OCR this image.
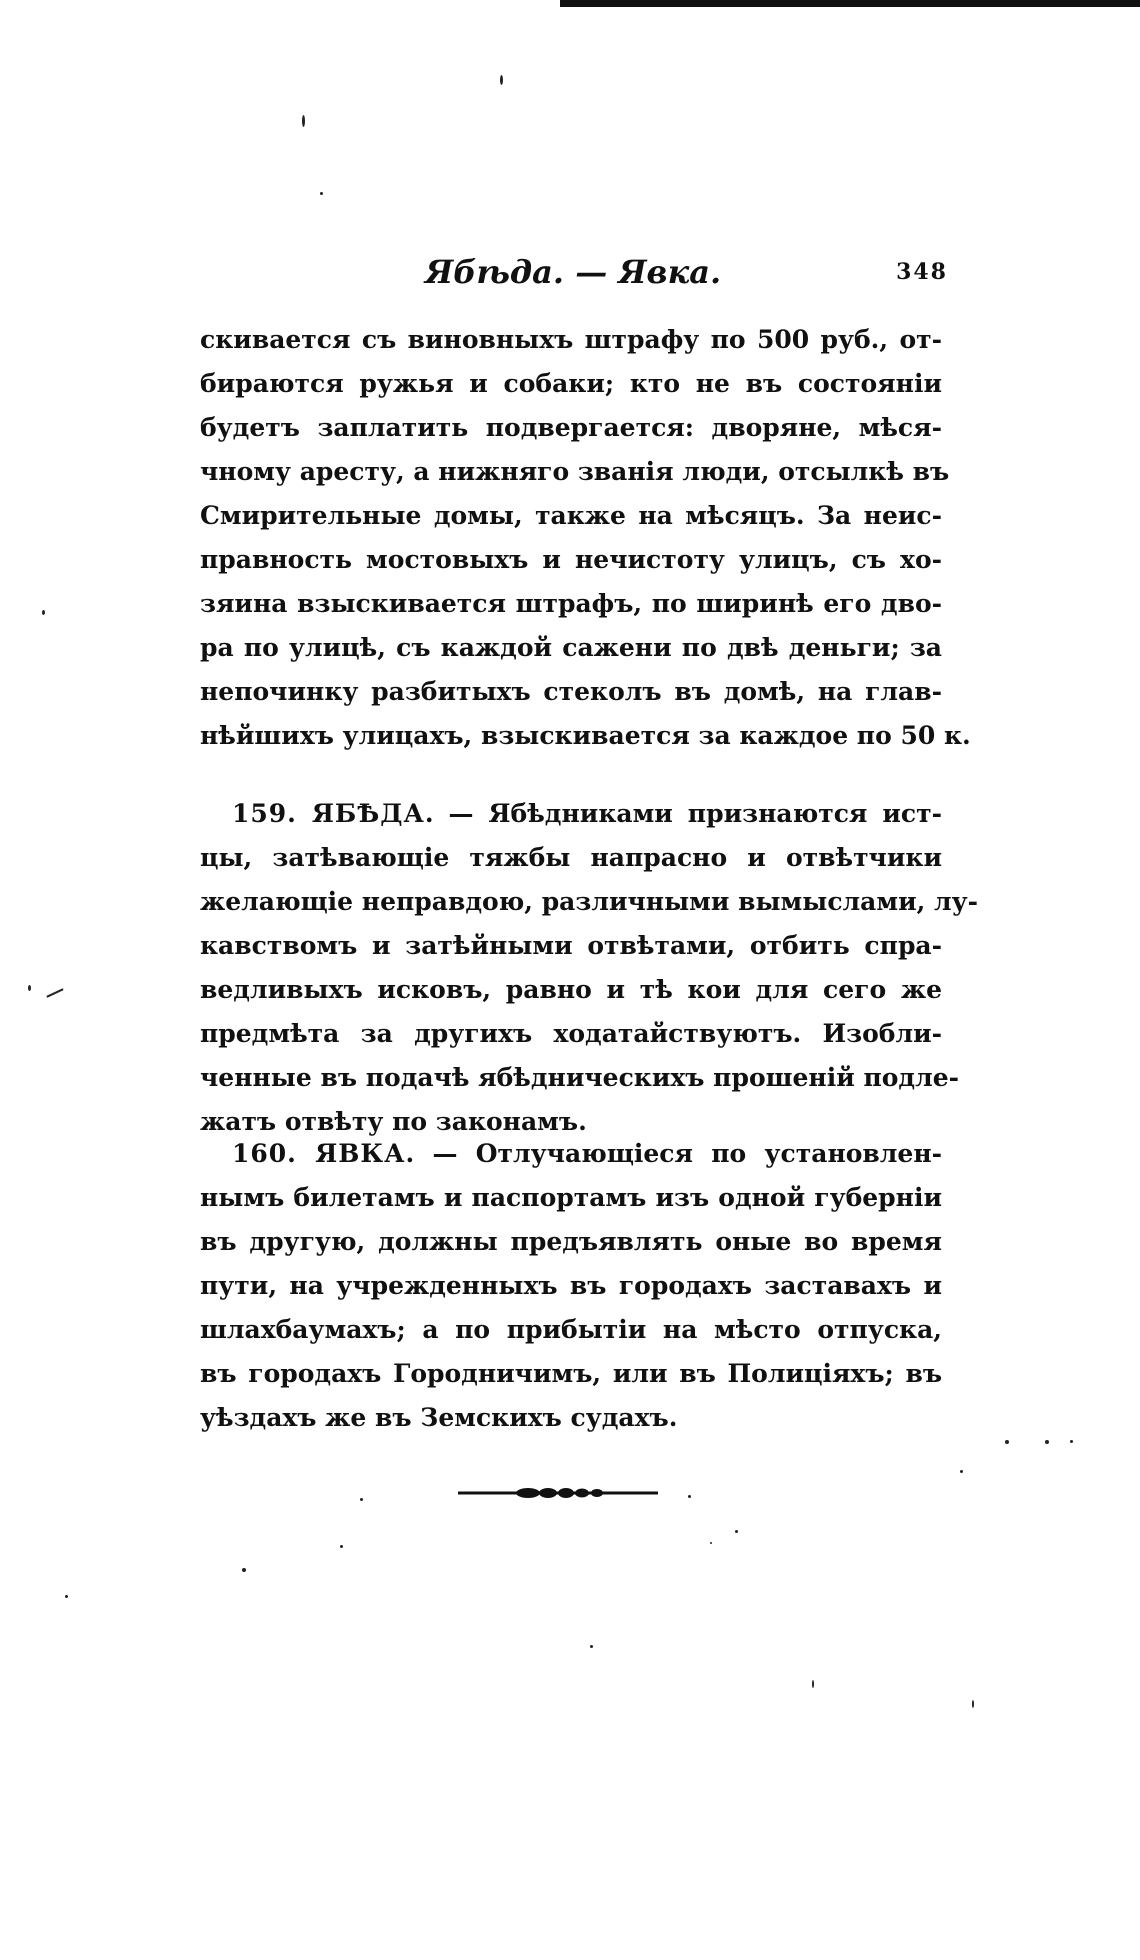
Ябѣда. — Явка.	348
скивается съ виновныхъ штрафу по 500 руб., от-
бираются ружья и собаки; кто не въ состояніи
будетъ заплатить подвергается: дворяне, мѣся-
чному аресту, а нижняго званія люди, отсылкѣ въ
Смирительные домы, также на мѣсяцъ. За неис-
правность мостовыхъ и нечистоту улицъ, съ хо-
зяина взыскивается штрафъ, по ширинѣ его дво-
ра по улицѣ, съ каждой сажени по двѣ деньги; за
непочинку разбитыхъ стеколъ въ домѣ, на глав-
нѣйшихъ улицахъ, взыскивается за каждое по 50 к.
159. ЯБѢДА. — Ябѣдниками признаются ист-
цы, затѣвающіе тяжбы напрасно и отвѣтчики
желающіе неправдою, различными вымыслами, лу-
кавствомъ и затѣйными отвѣтами, отбить спра-
ведливыхъ исковъ, равно и тѣ кои для сего же
предмѣта за другихъ ходатайствуютъ. Изобли-
ченные въ подачѣ ябѣдническихъ прошеній подле-
жатъ отвѣту по законамъ.
160. ЯВКА. — Отлучающіеся по установлен-
нымъ билетамъ и паспортамъ изъ одной губерніи
въ другую, должны предъявлять оные во время
пути, на учрежденныхъ въ городахъ заставахъ и
шлахбаумахъ; а по прибытіи на мѣсто отпуска,
въ городахъ Городничимъ, или въ Полиціяхъ; въ
уѣздахъ же въ Земскихъ судахъ.
